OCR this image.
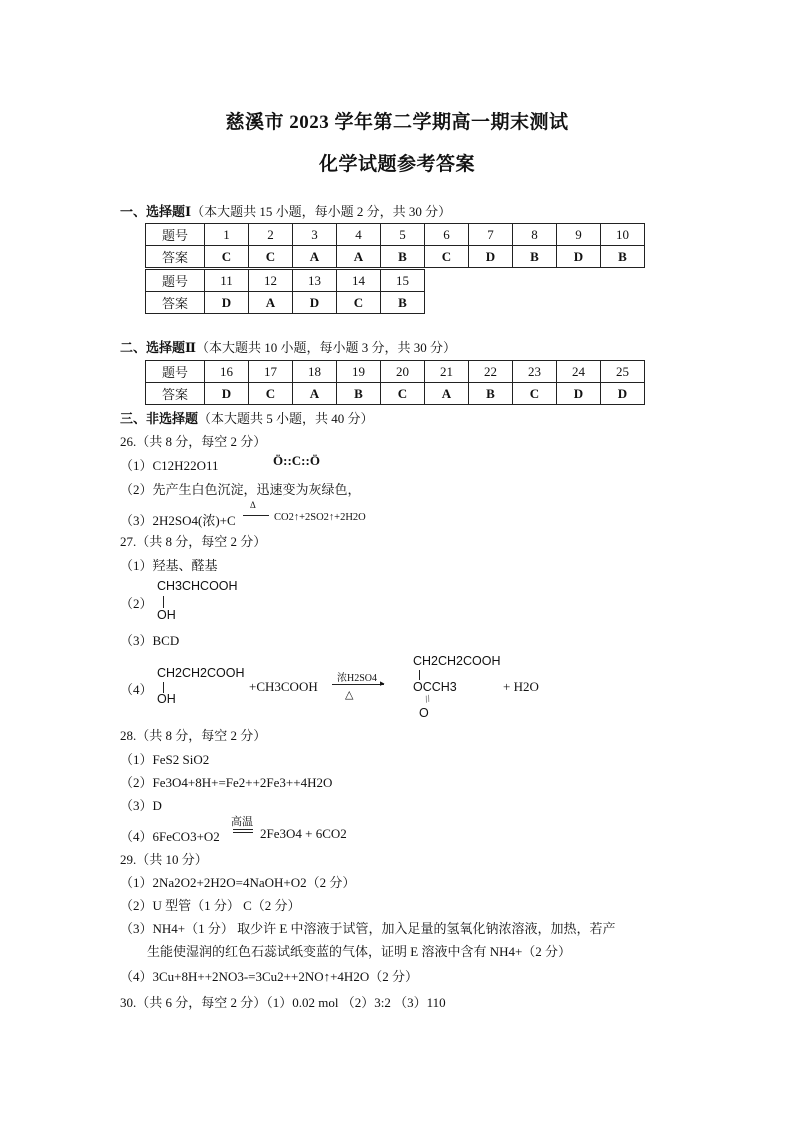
慈溪市 2023 学年第二学期高一期末测试
化学试题参考答案
一、选择题Ⅰ（本大题共 15 小题，每小题 2 分，共 30 分）
题号	1	2	3	4	5	6	7	8	9	10
答案	C	C	A	A	B	C	D	B	D	B
题号	11	12	13	14	15
答案	D	A	D	C	B
二、选择题Ⅱ（本大题共 10 小题，每小题 3 分，共 30 分）
题号	16	17	18	19	20	21	22	23	24	25
答案	D	C	A	B	C	A	B	C	D	D
三、非选择题（本大题共 5 小题，共 40 分）
26.（共 8 分，每空 2 分）
（1）C12H22O11	Ö::C::Ö
（2）先产生白色沉淀，迅速变为灰绿色，
（3）2H2SO4(浓)+C
Δ
CO2↑+2SO2↑+2H2O
27.（共 8 分，每空 2 分）
（1）羟基、醛基
（2）
CH3CHCOOH
OH
（3）BCD
（4）
CH2CH2COOH
OH
+CH3COOH
浓H2SO4 ▸
△
CH2CH2COOH
OCCH3
//
O
+ H2O
28.（共 8 分，每空 2 分）
（1）FeS2 SiO2
（2）Fe3O4+8H+=Fe2++2Fe3++4H2O
（3）D
（4）6FeCO3+O2
高温
2Fe3O4 + 6CO2
29.（共 10 分）
（1）2Na2O2+2H2O=4NaOH+O2（2 分）
（2）U 型管（1 分） C（2 分）
（3）NH4+（1 分） 取少许 E 中溶液于试管，加入足量的氢氧化钠浓溶液，加热，若产
生能使湿润的红色石蕊试纸变蓝的气体，证明 E 溶液中含有 NH4+（2 分）
（4）3Cu+8H++2NO3-=3Cu2++2NO↑+4H2O（2 分）
30.（共 6 分，每空 2 分）（1）0.02 mol （2）3:2 （3）110
